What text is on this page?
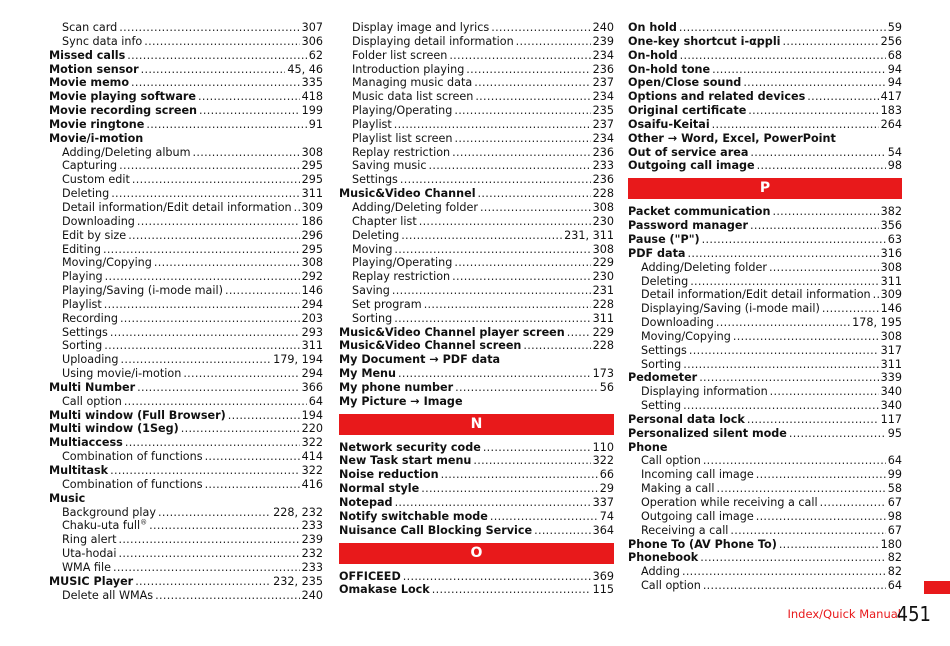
Scan card .....	307
Sync data info .....	306
Missed calls .....	62
Motion sensor .....	45, 46
Movie memo .....	335
Movie playing software .....	418
Movie recording screen .....	199
Movie ringtone .....	91
Movie/i-motion
Adding/Deleting album .....	308
Capturing .....	295
Custom edit .....	295
Deleting .....	311
Detail information/Edit detail information ..... 309
Downloading .....	186
Edit by size .....	296
Editing .....	295
Moving/Copying .....	308
Playing .....	292
Playing/Saving (i-mode mail) .....	146
Playlist .....	294
Recording .....	203
Settings .....	293
Sorting .....	311
Uploading .....	179, 194
Using movie/i-motion .....	294
Multi Number .....	366
Call option .....	64
Multi window (Full Browser) .....	194
Multi window (1Seg) .....	220
Multiaccess .....	322
Combination of functions .....	414
Multitask .....	322
Combination of functions .....	416
Music
Background play .....	228, 232
Chaku-uta full® .....	233
Ring alert .....	239
Uta-hodai .....	232
WMA file .....	233
MUSIC Player .....	232, 235
Delete all WMAs .....	240
Display image and lyrics .....	240
Displaying detail information .....	239
Folder list screen .....	234
Introduction playing .....	236
Managing music data .....	237
Music data list screen .....	234
Playing/Operating .....	235
Playlist .....	237
Playlist list screen .....	234
Replay restriction .....	236
Saving music .....	233
Settings .....	236
Music&Video Channel .....	228
Adding/Deleting folder .....	308
Chapter list .....	230
Deleting .....	231, 311
Moving .....	308
Playing/Operating .....	229
Replay restriction .....	230
Saving .....	231
Set program .....	228
Sorting .....	311
Music&Video Channel player screen ..... 229
Music&Video Channel screen .....	228
My Document → PDF data
My Menu .....	173
My phone number .....	56
My Picture → Image
N
Network security code .....	110
New Task start menu .....	322
Noise reduction .....	66
Normal style .....	29
Notepad .....	337
Notify switchable mode .....	74
Nuisance Call Blocking Service .....	364
O
OFFICEED .....	369
Omakase Lock .....	115
On hold .....	59
One-key shortcut i-αppli .....	256
On-hold .....	68
On-hold tone .....	94
Open/Close sound .....	94
Options and related devices .....	417
Original certificate .....	183
Osaifu-Keitai .....	264
Other → Word, Excel, PowerPoint
Out of service area .....	54
Outgoing call image .....	98
P
Packet communication .....	382
Password manager .....	356
Pause ("P") .....	63
PDF data .....	316
Adding/Deleting folder .....	308
Deleting .....	311
Detail information/Edit detail information ..... 309
Displaying/Saving (i-mode mail) .....	146
Downloading .....	178, 195
Moving/Copying .....	308
Settings .....	317
Sorting .....	311
Pedometer .....	339
Displaying information .....	340
Setting .....	340
Personal data lock .....	117
Personalized silent mode .....	95
Phone
Call option .....	64
Incoming call image .....	99
Making a call .....	58
Operation while receiving a call .....	67
Outgoing call image .....	98
Receiving a call .....	67
Phone To (AV Phone To) .....	180
Phonebook .....	82
Adding .....	82
Call option .....	64
Index/Quick Manual
451
